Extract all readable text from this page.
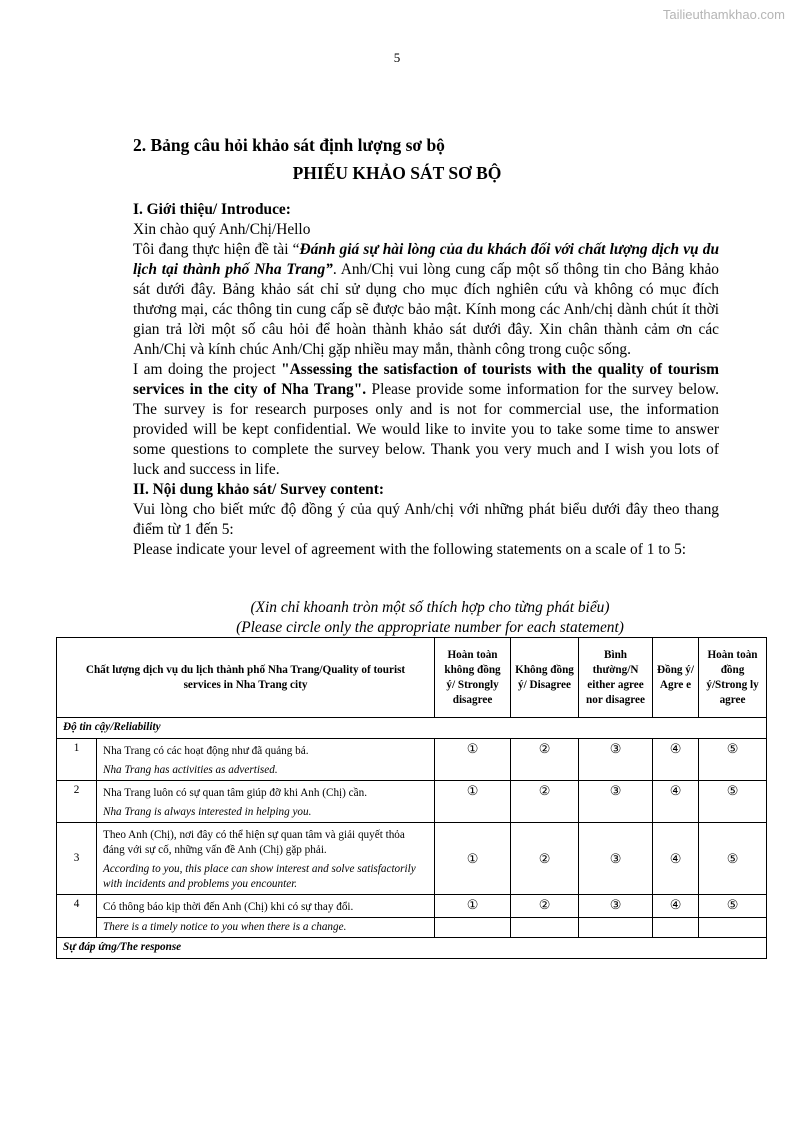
Tailieuthamkhao.com
5
2. Bảng câu hỏi khảo sát định lượng sơ bộ
PHIẾU KHẢO SÁT SƠ BỘ

I. Giới thiệu/ Introduce:

Xin chào quý Anh/Chị/Hello

Tôi đang thực hiện đề tài “Đánh giá sự hài lòng của du khách đối với chất lượng dịch vụ du lịch tại thành phố Nha Trang”. Anh/Chị vui lòng cung cấp một số thông tin cho Bảng khảo sát dưới đây. Bảng khảo sát chỉ sử dụng cho mục đích nghiên cứu và không có mục đích thương mại, các thông tin cung cấp sẽ được bảo mật. Kính mong các Anh/chị dành chút ít thời gian trả lời một số câu hỏi để hoàn thành khảo sát dưới đây. Xin chân thành cảm ơn các Anh/Chị và kính chúc Anh/Chị gặp nhiều may mắn, thành công trong cuộc sống.

I am doing the project "Assessing the satisfaction of tourists with the quality of tourism services in the city of Nha Trang". Please provide some information for the survey below. The survey is for research purposes only and is not for commercial use, the information provided will be kept confidential. We would like to invite you to take some time to answer some questions to complete the survey below. Thank you very much and I wish you lots of luck and success in life.

II. Nội dung khảo sát/ Survey content:

Vui lòng cho biết mức độ đồng ý của quý Anh/chị với những phát biểu dưới đây theo thang điểm từ 1 đến 5:

Please indicate your level of agreement with the following statements on a scale of 1 to 5:

(Xin chỉ khoanh tròn một số thích hợp cho từng phát biểu)
(Please circle only the appropriate number for each statement)
Chất lượng dịch vụ du lịch thành phố Nha Trang/Quality of tourist services in Nha Trang city		Hoàn toàn không đồng ý/ Strongly disagree	Không đồng ý/ Disagree	Bình thường/N either agree nor disagree	Đồng ý/ Agre e	Hoàn toàn đồng ý/Strong ly agree
Độ tin cậy/Reliability						
1	Nha Trang có các hoạt động như đã quảng bá.	①	②	③	④	⑤
	Nha Trang has activities as advertised.					
2	Nha Trang luôn có sự quan tâm giúp đỡ khi Anh (Chị) cần.	①	②	③	④	⑤
	Nha Trang is always interested in helping you.					
3	Theo Anh (Chị), nơi đây có thể hiện sự quan tâm và giải quyết thỏa đáng với sự cố, những vấn đề Anh (Chị) gặp phải.	①	②	③	④	⑤
	According to you, this place can show interest and solve satisfactorily with incidents and problems you encounter.					
4	Có thông báo kịp thời đến Anh (Chị) khi có sự thay đổi.	①	②	③	④	⑤
	There is a timely notice to you when there is a change.					
Sự đáp ứng/The response						
